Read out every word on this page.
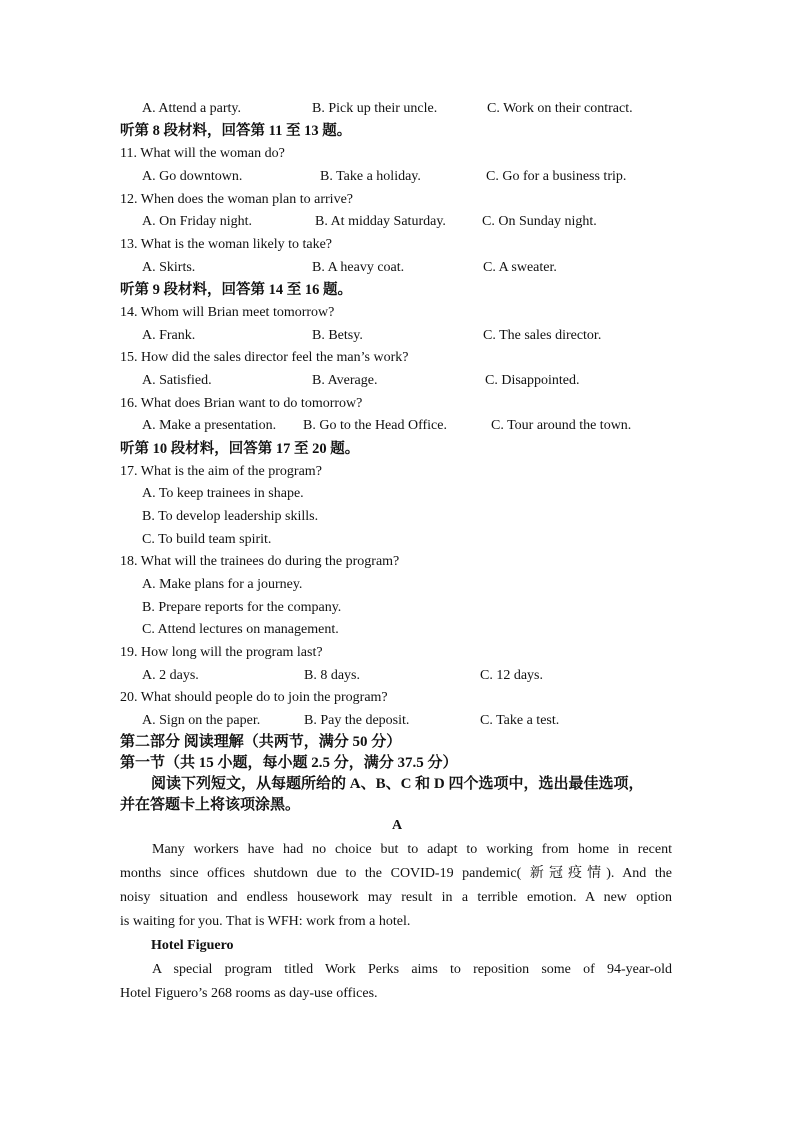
A. Attend a party.	B. Pick up their uncle.	C. Work on their contract.
听第 8 段材料，回答第 11 至 13 题。
11. What will the woman do?
A. Go downtown.	B. Take a holiday.	C. Go for a business trip.
12. When does the woman plan to arrive?
A. On Friday night.	B. At midday Saturday.	C. On Sunday night.
13. What is the woman likely to take?
A. Skirts.	B. A heavy coat.	C. A sweater.
听第 9 段材料，回答第 14 至 16 题。
14. Whom will Brian meet tomorrow?
A. Frank.	B. Betsy.	C. The sales director.
15. How did the sales director feel the man’s work?
A. Satisfied.	B. Average.	C. Disappointed.
16. What does Brian want to do tomorrow?
A. Make a presentation. B. Go to the Head Office.	C. Tour around the town.
听第 10 段材料，回答第 17 至 20 题。
17. What is the aim of the program?
A. To keep trainees in shape.
B. To develop leadership skills.
C. To build team spirit.
18. What will the trainees do during the program?
A. Make plans for a journey.
B. Prepare reports for the company.
C. Attend lectures on management.
19. How long will the program last?
A. 2 days.	B. 8 days.	C. 12 days.
20. What should people do to join the program?
A. Sign on the paper.	B. Pay the deposit.	C. Take a test.
第二部分 阅读理解（共两节，满分 50 分）
第一节（共 15 小题，每小题 2.5 分，满分 37.5 分）
阅读下列短文，从每题所给的 A、B、C 和 D 四个选项中，选出最佳选项，
并在答题卡上将该项涂黑。
A
Many workers have had no choice but to adapt to working from home in recent
months since offices shutdown due to the COVID-19 pandemic( 新冠疫情). And the
noisy situation and endless housework may result in a terrible emotion. A new option
is waiting for you. That is WFH: work from a hotel.
Hotel Figuero
A special program titled Work Perks aims to reposition some of 94-year-old
Hotel Figuero’s 268 rooms as day-use offices.
